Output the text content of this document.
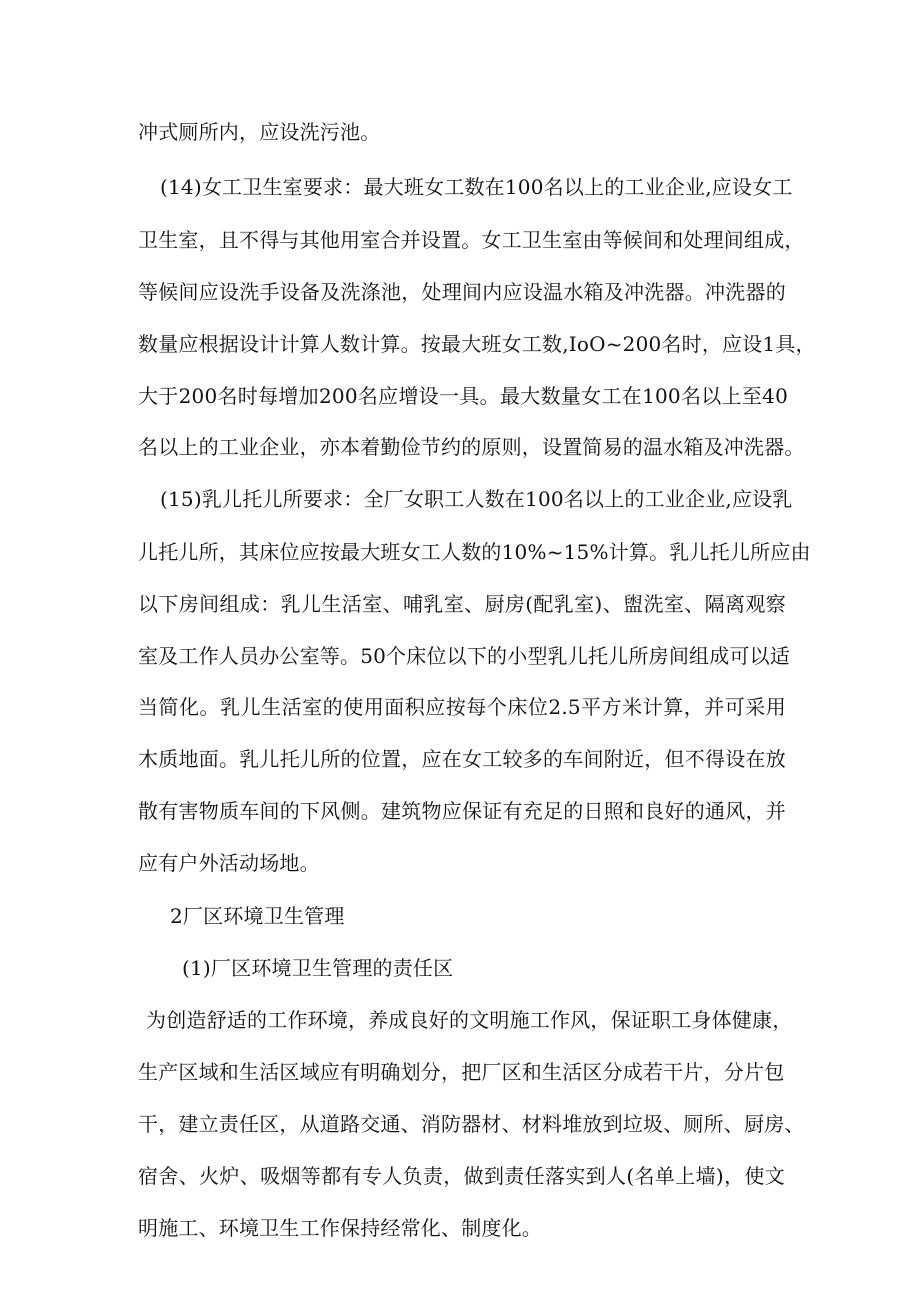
冲式厕所内，应设洗污池。
(14)女工卫生室要求：最大班女工数在100名以上的工业企业,应设女工
卫生室，且不得与其他用室合并设置。女工卫生室由等候间和处理间组成，
等候间应设洗手设备及洗涤池，处理间内应设温水箱及冲洗器。冲洗器的
数量应根据设计计算人数计算。按最大班女工数,IoO~200名时，应设1具，
大于200名时每增加200名应增设一具。最大数量女工在100名以上至40
名以上的工业企业，亦本着勤俭节约的原则，设置简易的温水箱及冲洗器。
(15)乳儿托儿所要求：全厂女职工人数在100名以上的工业企业,应设乳
儿托儿所，其床位应按最大班女工人数的10%~15%计算。乳儿托儿所应由
以下房间组成：乳儿生活室、哺乳室、厨房(配乳室)、盥洗室、隔离观察
室及工作人员办公室等。50个床位以下的小型乳儿托儿所房间组成可以适
当简化。乳儿生活室的使用面积应按每个床位2.5平方米计算，并可采用
木质地面。乳儿托儿所的位置，应在女工较多的车间附近，但不得设在放
散有害物质车间的下风侧。建筑物应保证有充足的日照和良好的通风，并
应有户外活动场地。
2厂区环境卫生管理
(1)厂区环境卫生管理的责任区
为创造舒适的工作环境，养成良好的文明施工作风，保证职工身体健康，
生产区域和生活区域应有明确划分，把厂区和生活区分成若干片，分片包
干，建立责任区，从道路交通、消防器材、材料堆放到垃圾、厕所、厨房、
宿舍、火炉、吸烟等都有专人负责，做到责任落实到人(名单上墙)，使文
明施工、环境卫生工作保持经常化、制度化。
